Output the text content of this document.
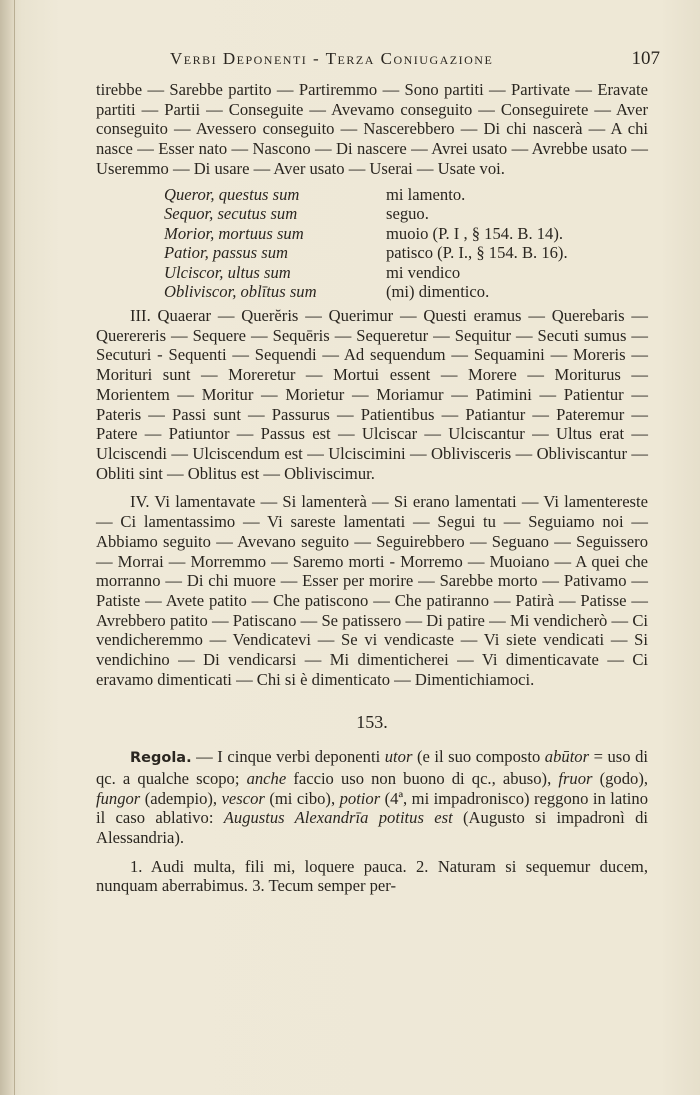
Verbi Deponenti - Terza Coniugazione	107

tirebbe — Sarebbe partito — Partiremmo — Sono partiti — Partivate — Eravate partiti — Partii — Conseguite — Avevamo conseguito — Conseguirete — Aver conseguito — Avessero conseguito — Nascerebbero — Di chi nascerà — A chi nasce — Esser nato — Nascono — Di nascere — Avrei usato — Avrebbe usato — Useremmo — Di usare — Aver usato — Userai — Usate voi.

Queror, questus sum	mi lamento.
Sequor, secutus sum	seguo.
Morior, mortuus sum	muoio (P. I , § 154. B. 14).
Patior, passus sum	patisco (P. I., § 154. B. 16).
Ulciscor, ultus sum	mi vendico
Obliviscor, oblītus sum	(mi) dimentico.

III. Quaerar — Querĕris — Querimur — Questi eramus — Querebaris — Querereris — Sequere — Sequēris — Sequeretur — Sequitur — Secuti sumus — Secuturi - Sequenti — Sequendi — Ad sequendum — Sequamini — Moreris — Morituri sunt — Moreretur — Mortui essent — Morere — Moriturus — Morientem — Moritur — Morietur — Moriamur — Patimini — Patientur — Pateris — Passi sunt — Passurus — Patientibus — Patiantur — Pateremur — Patere — Patiuntor — Passus est — Ulciscar — Ulciscantur — Ultus erat — Ulciscendi — Ulciscendum est — Ulciscimini — Oblivisceris — Obliviscantur — Obliti sint — Oblitus est — Obliviscimur.

IV. Vi lamentavate — Si lamenterà — Si erano lamentati — Vi lamentereste — Ci lamentassimo — Vi sareste lamentati — Segui tu — Seguiamo noi — Abbiamo seguito — Avevano seguito — Seguirebbero — Seguano — Seguissero — Morrai — Morremmo — Saremo morti - Morremo — Muoiano — A quei che morranno — Di chi muore — Esser per morire — Sarebbe morto — Pativamo — Patiste — Avete patito — Che patiscono — Che patiranno — Patirà — Patisse — Avrebbero patito — Patiscano — Se patissero — Di patire — Mi vendicherò — Ci vendicheremmo — Vendicatevi — Se vi vendicaste — Vi siete vendicati — Si vendichino — Di vendicarsi — Mi dimenticherei — Vi dimenticavate — Ci eravamo dimenticati — Chi si è dimenticato — Dimentichiamoci.

153.

Regola. — I cinque verbi deponenti utor (e il suo composto abūtor = uso di qc. a qualche scopo; anche faccio uso non buono di qc., abuso), fruor (godo), fungor (adempio), vescor (mi cibo), potior (4ª, mi impadronisco) reggono in latino il caso ablativo: Augustus Alexandrīa potitus est (Augusto si impadronì di Alessandria).

1. Audi multa, fili mi, loquere pauca. 2. Naturam si sequemur ducem, nunquam aberrabimus. 3. Tecum semper per-
